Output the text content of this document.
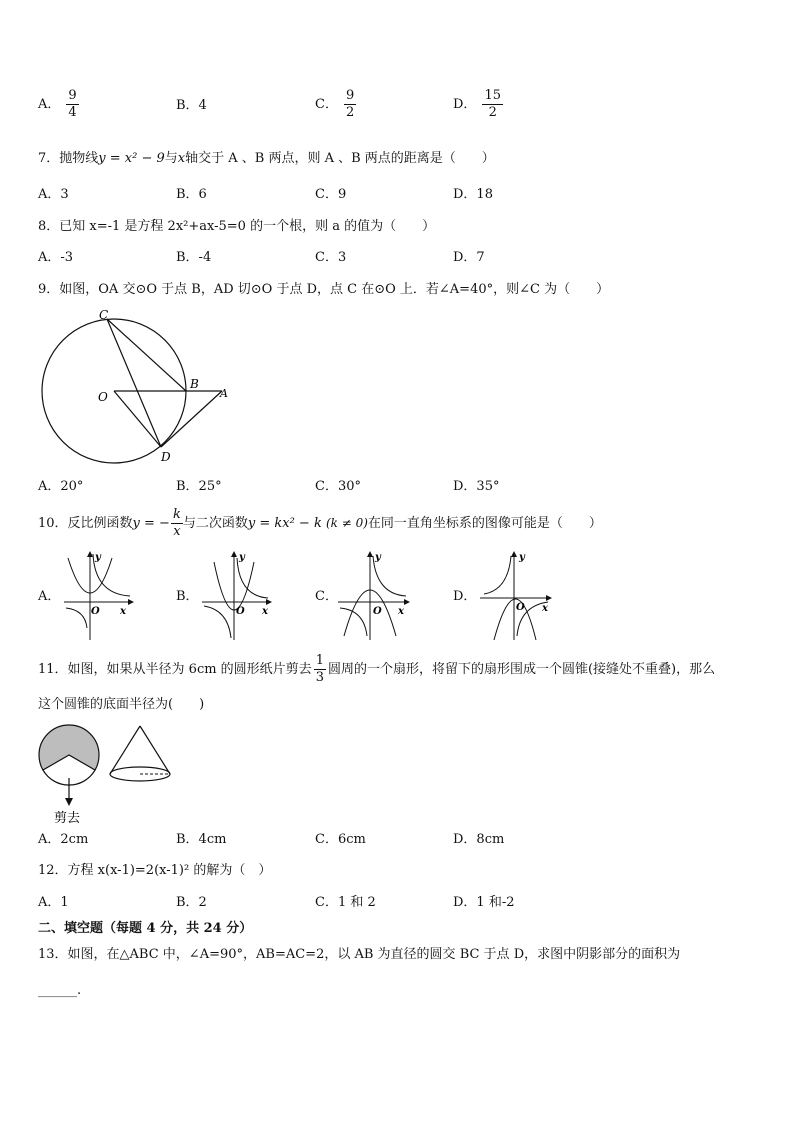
A． $\frac{9}{4}$	B．4	C． $\frac{9}{2}$	D． $\frac{15}{2}$
7．抛物线y = x² − 9与x轴交于 A 、B 两点，则 A 、B 两点的距离是（　　）
A．3	B．6	C．9	D．18
8．已知 x=-1 是方程 2x²+ax-5=0 的一个根，则 a 的值为（　　）
A．-3	B．-4	C．3	D．7
9．如图，OA 交⊙O 于点 B，AD 切⊙O 于点 D，点 C 在⊙O 上．若∠A=40°，则∠C 为（　　）
C
O
B
A
D
A．20°	B．25°	C．30°	D．35°
10．反比例函数y = − $\frac{k}{x}$ 与二次函数y = kx² − k (k ≠ 0)在同一直角坐标系的图像可能是（　　）
A．	B．	C．	D．
y
x
O
y
x
O
y
x
O
y
x
O
11．如图，如果从半径为 6cm 的圆形纸片剪去 $\frac{1}{3}$ 圆周的一个扇形，将留下的扇形围成一个圆锥(接缝处不重叠)，那么
这个圆锥的底面半径为(　　)
剪去
A．2cm	B．4cm	C．6cm	D．8cm
12．方程 x(x-1)=2(x-1)² 的解为（　）
A．1	B．2	C．1 和 2	D．1 和-2
二、填空题（每题 4 分，共 24 分）
13．如图，在△ABC 中，∠A=90°，AB=AC=2，以 AB 为直径的圆交 BC 于点 D，求图中阴影部分的面积为
______.
